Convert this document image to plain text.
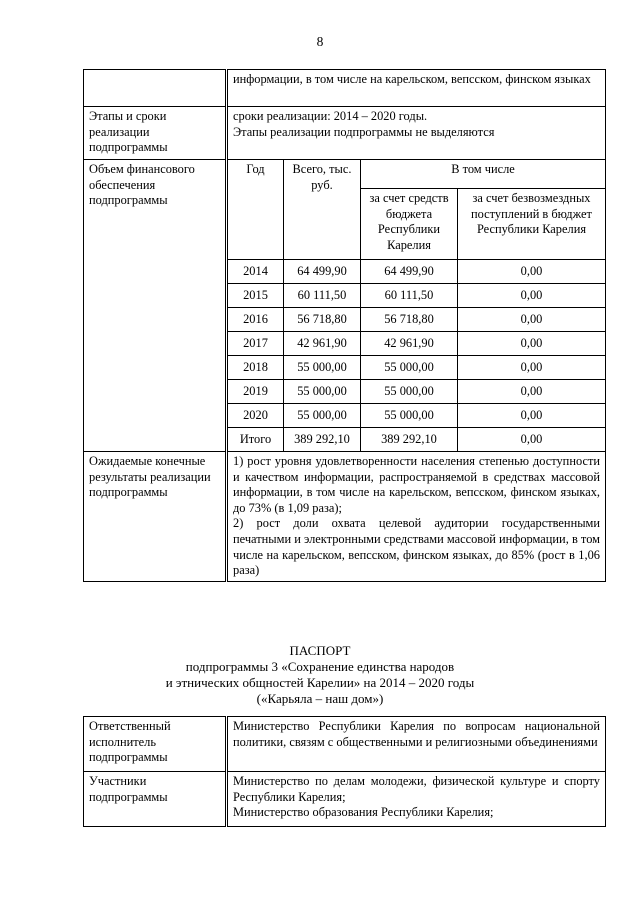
8
	информации, в том числе на карельском, вепсском, финском языках			
Этапы и сроки реализации подпрограммы	сроки реализации: 2014 – 2020 годы.
Этапы реализации подпрограммы не выделяются			

Объем финансового обеспечения подпрограммы	Год	Всего, тыс. руб.	В том числе	
			за счет средств бюджета Республики Карелия	за счет безвозмездных поступлений в бюджет Республики Карелия
	2014	64 499,90	64 499,90	0,00
	2015	60 111,50	60 111,50	0,00
	2016	56 718,80	56 718,80	0,00
	2017	42 961,90	42 961,90	0,00
	2018	55 000,00	55 000,00	0,00
	2019	55 000,00	55 000,00	0,00
	2020	55 000,00	55 000,00	0,00
	Итого	389 292,10	389 292,10	0,00
Ожидаемые конечные результаты реализации подпрограммы	1) рост уровня удовлетворенности населения степенью доступности и качеством информации, распространяемой в средствах массовой информации, в том числе на карельском, вепсском, финском языках, до 73% (в 1,09 раза);
2) рост доли охвата целевой аудитории государственными печатными и электронными средствами массовой информации, в том числе на карельском, вепсском, финском языках, до 85% (рост в 1,06 раза)			
ПАСПОРТ
подпрограммы 3 «Сохранение единства народов
и этнических общностей Карелии» на 2014 – 2020 годы
(«Карьяла – наш дом»)
Ответственный исполнитель подпрограммы	Министерство Республики Карелия по вопросам национальной политики, связям с общественными и религиозными объединениями
Участники подпрограммы	Министерство по делам молодежи, физической культуре и спорту Республики Карелия;
Министерство образования Республики Карелия;
